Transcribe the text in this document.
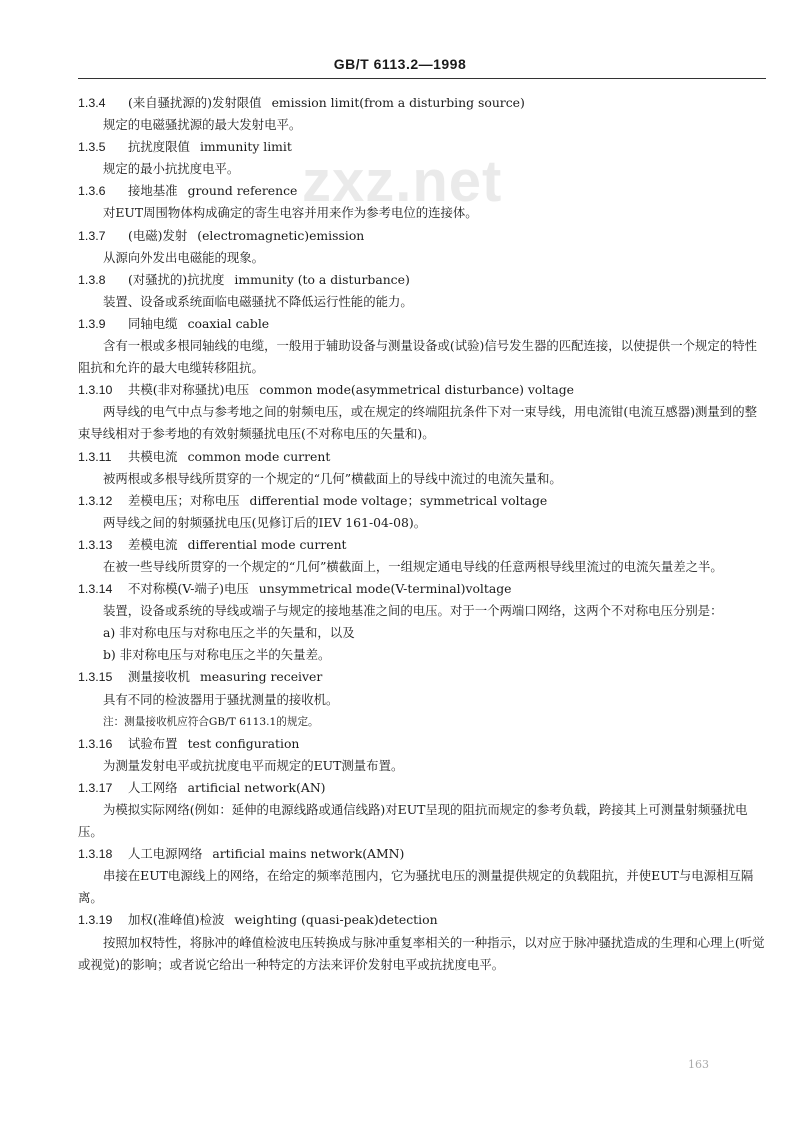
GB/T 6113.2—1998
zxz.net

1.3.4 (来自骚扰源的)发射限值 emission limit(from a disturbing source)

规定的电磁骚扰源的最大发射电平。

1.3.5 抗扰度限值 immunity limit

规定的最小抗扰度电平。

1.3.6 接地基准 ground reference

对EUT周围物体构成确定的寄生电容并用来作为参考电位的连接体。

1.3.7 (电磁)发射 (electromagnetic)emission

从源向外发出电磁能的现象。

1.3.8 (对骚扰的)抗扰度 immunity (to a disturbance)

装置、设备或系统面临电磁骚扰不降低运行性能的能力。

1.3.9 同轴电缆 coaxial cable

含有一根或多根同轴线的电缆，一般用于辅助设备与测量设备或(试验)信号发生器的匹配连接，以使提供一个规定的特性阻抗和允许的最大电缆转移阻抗。

1.3.10 共模(非对称骚扰)电压 common mode(asymmetrical disturbance) voltage

两导线的电气中点与参考地之间的射频电压，或在规定的终端阻抗条件下对一束导线，用电流钳(电流互感器)测量到的整束导线相对于参考地的有效射频骚扰电压(不对称电压的矢量和)。

1.3.11 共模电流 common mode current

被两根或多根导线所贯穿的一个规定的“几何”横截面上的导线中流过的电流矢量和。

1.3.12 差模电压；对称电压 differential mode voltage；symmetrical voltage

两导线之间的射频骚扰电压(见修订后的IEV 161-04-08)。

1.3.13 差模电流 differential mode current

在被一些导线所贯穿的一个规定的“几何”横截面上，一组规定通电导线的任意两根导线里流过的电流矢量差之半。

1.3.14 不对称模(V-端子)电压 unsymmetrical mode(V-terminal)voltage

装置，设备或系统的导线或端子与规定的接地基准之间的电压。对于一个两端口网络，这两个不对称电压分别是：

a) 非对称电压与对称电压之半的矢量和，以及

b) 非对称电压与对称电压之半的矢量差。

1.3.15 测量接收机 measuring receiver

具有不同的检波器用于骚扰测量的接收机。

注：测量接收机应符合GB/T 6113.1的规定。

1.3.16 试验布置 test configuration

为测量发射电平或抗扰度电平而规定的EUT测量布置。

1.3.17 人工网络 artificial network(AN)

为模拟实际网络(例如：延伸的电源线路或通信线路)对EUT呈现的阻抗而规定的参考负载，跨接其上可测量射频骚扰电压。

1.3.18 人工电源网络 artificial mains network(AMN)

串接在EUT电源线上的网络，在给定的频率范围内，它为骚扰电压的测量提供规定的负载阻抗，并使EUT与电源相互隔离。

1.3.19 加权(准峰值)检波 weighting (quasi-peak)detection

按照加权特性，将脉冲的峰值检波电压转换成与脉冲重复率相关的一种指示，以对应于脉冲骚扰造成的生理和心理上(听觉或视觉)的影响；或者说它给出一种特定的方法来评价发射电平或抗扰度电平。

163
